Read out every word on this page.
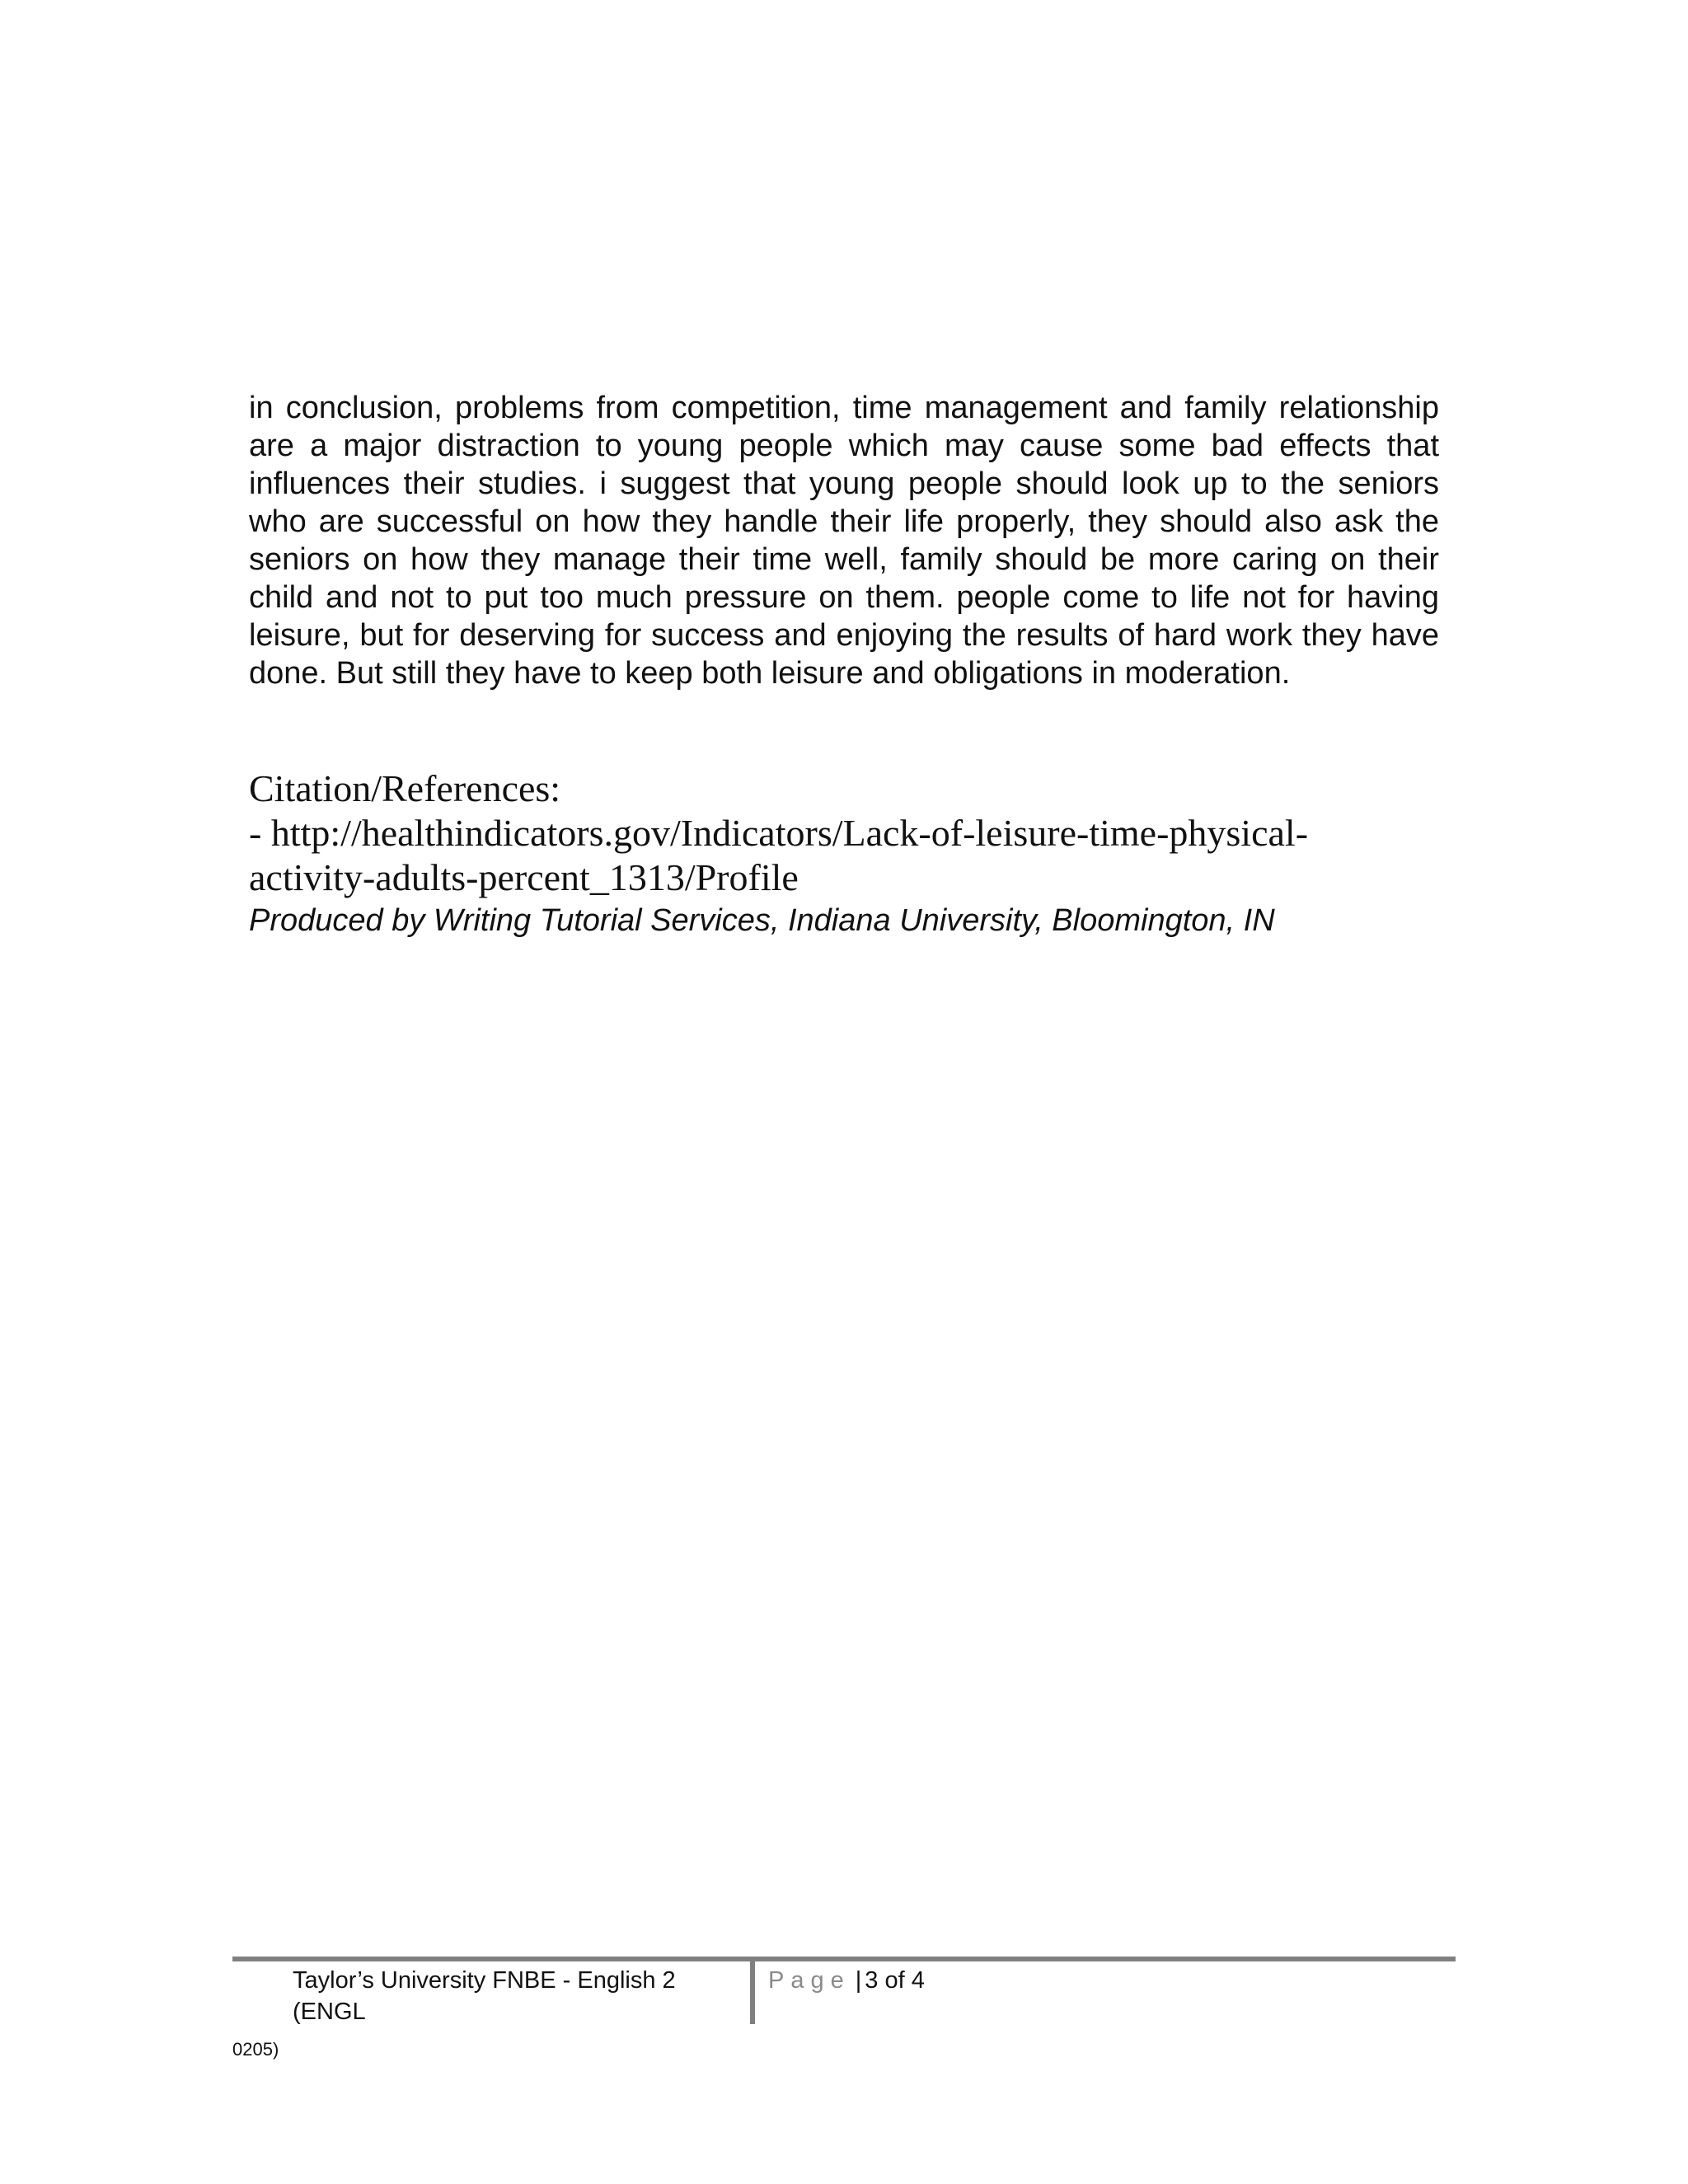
in conclusion, problems from competition, time management and family relationship are a major distraction to young people which may cause some bad effects that influences their studies. i suggest that young people should look up to the seniors who are successful on how they handle their life properly, they should also ask the seniors on how they manage their time well, family should be more caring on their child and not to put too much pressure on them. people come to life not for having leisure, but for deserving for success and enjoying the results of hard work they have done. But still they have to keep both leisure and obligations in moderation.

Citation/References:

- http://healthindicators.gov/Indicators/Lack-of-leisure-time-physical-activity-adults-percent_1313/Profile

Produced by Writing Tutorial Services, Indiana University, Bloomington, IN

Taylor’s University FNBE - English 2 (ENGL
0205)
Page | 3 of 4
